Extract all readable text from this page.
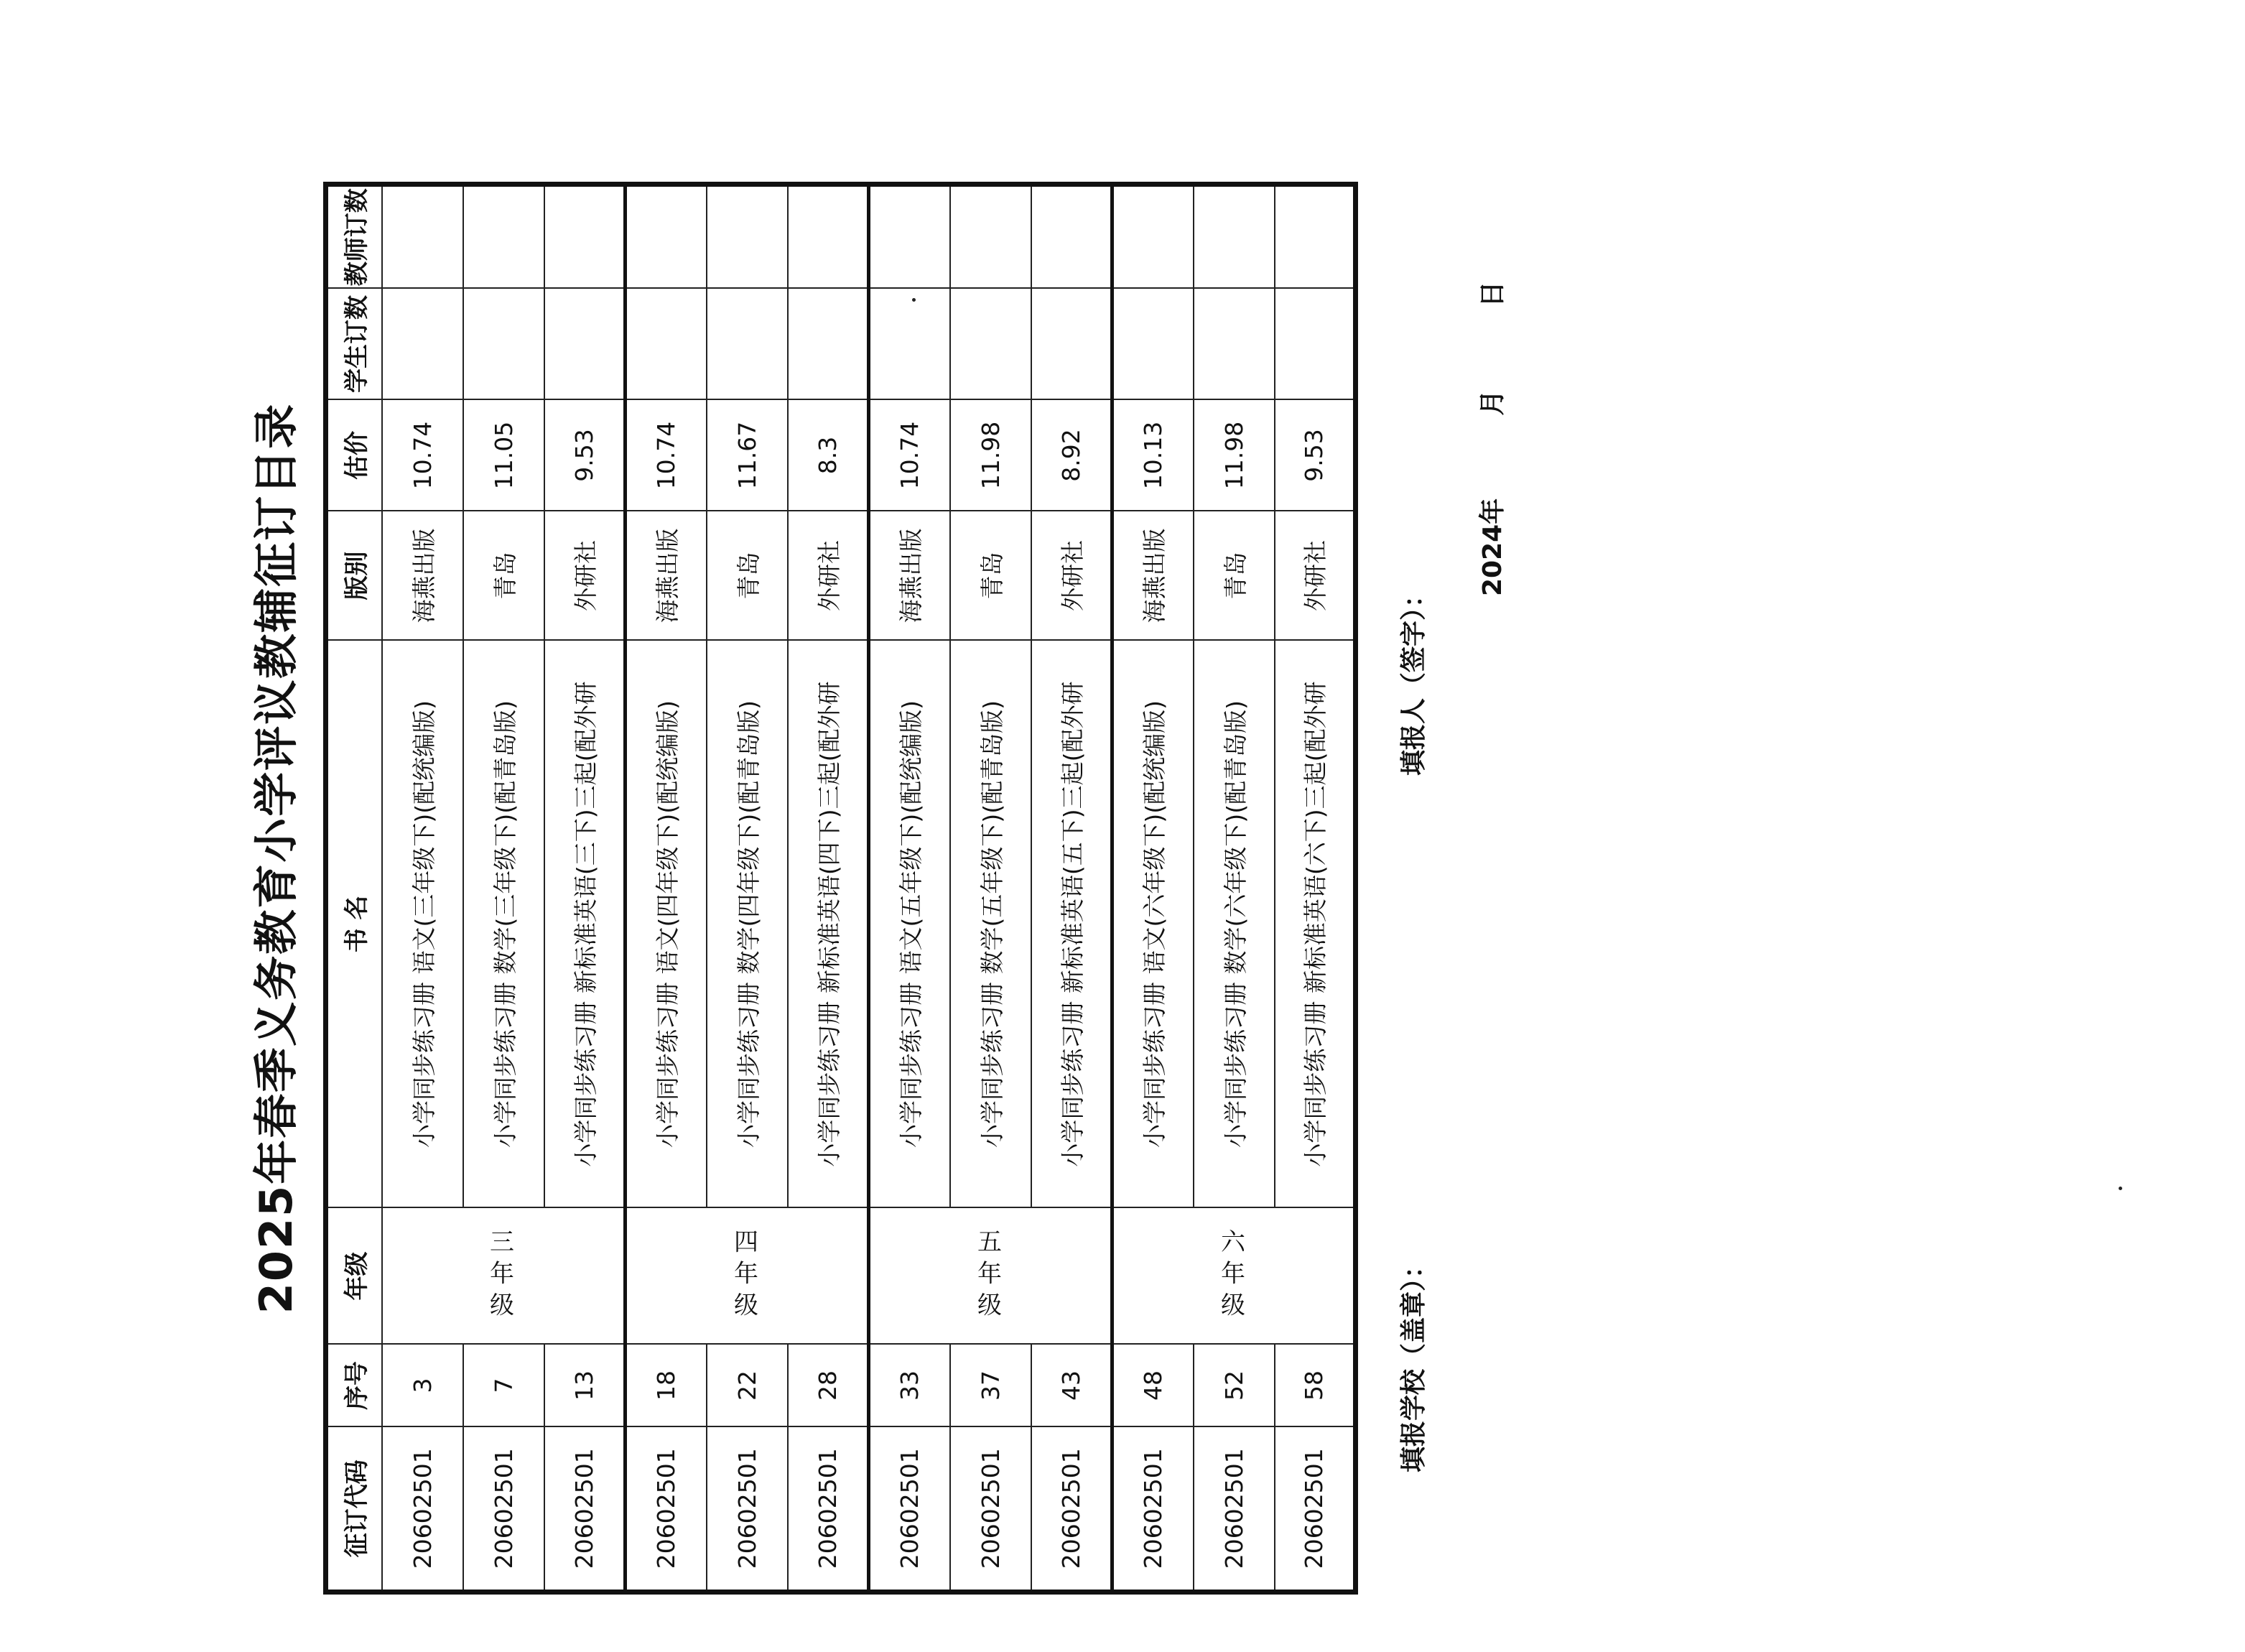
2025年春季义务教育小学评议教辅征订目录
征订代码	序号	年级	书 名	版别	估价	学生订数	教师订数
20602501	3	三年级	小学同步练习册 语文(三年级下)(配统编版)	海燕出版	10.74		
20602501	7		小学同步练习册 数学(三年级下)(配青岛版)	青岛	11.05		
20602501	13		小学同步练习册 新标准英语(三下)三起(配外研	外研社	9.53		
20602501	18	四年级	小学同步练习册 语文(四年级下)(配统编版)	海燕出版	10.74		
20602501	22		小学同步练习册 数学(四年级下)(配青岛版)	青岛	11.67		
20602501	28		小学同步练习册 新标准英语(四下)三起(配外研	外研社	8.3		
20602501	33	五年级	小学同步练习册 语文(五年级下)(配统编版)	海燕出版	10.74		
20602501	37		小学同步练习册 数学(五年级下)(配青岛版)	青岛	11.98		
20602501	43		小学同步练习册 新标准英语(五下)三起(配外研	外研社	8.92		
20602501	48	六年级	小学同步练习册 语文(六年级下)(配统编版)	海燕出版	10.13		
20602501	52		小学同步练习册 数学(六年级下)(配青岛版)	青岛	11.98		
20602501	58		小学同步练习册 新标准英语(六下)三起(配外研	外研社	9.53		
填报学校（盖章）：
填报人（签字）：
2024年  月  日
